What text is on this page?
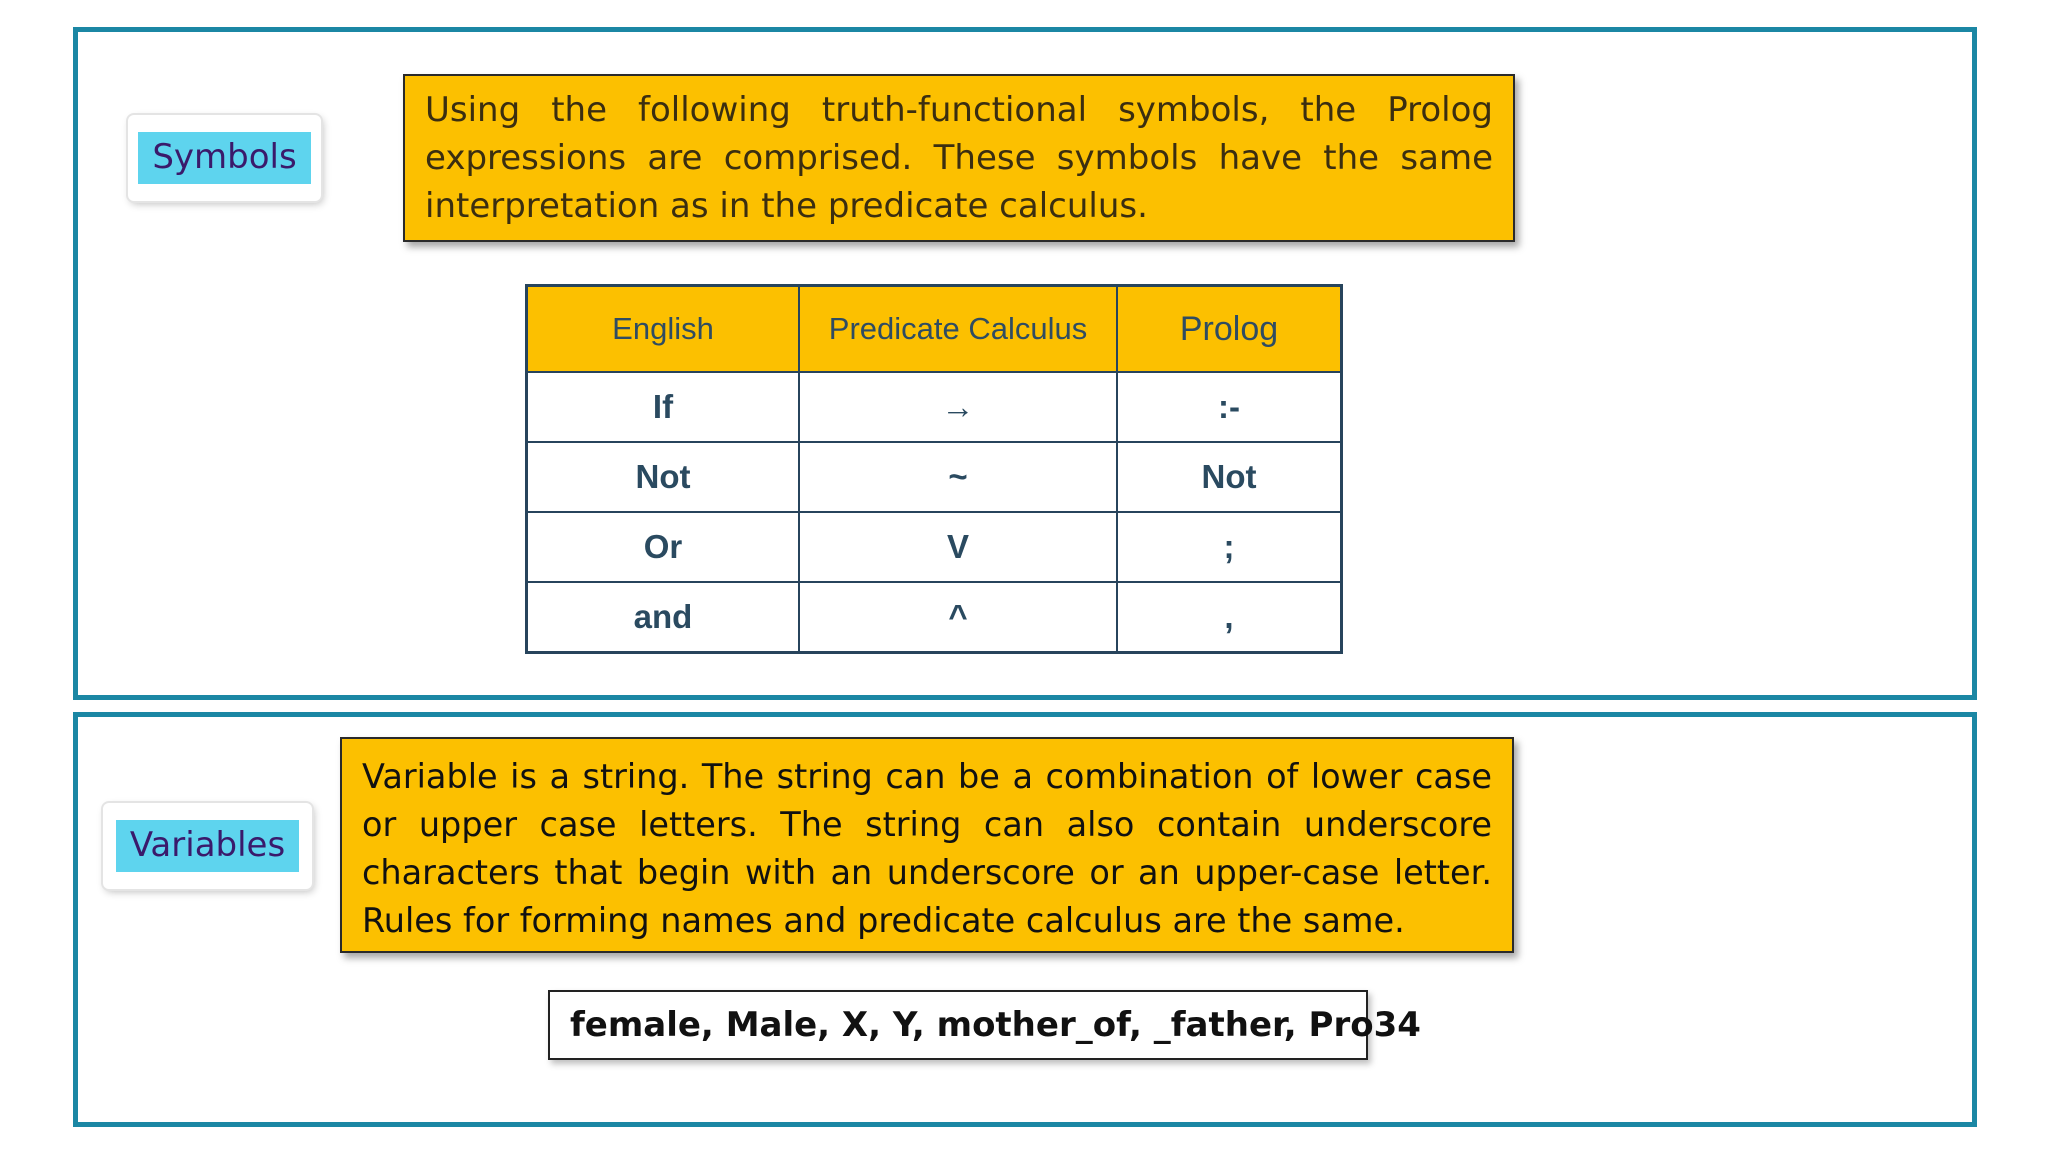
Symbols
Using the following truth-functional symbols, the Prolog expressions are comprised. These symbols have the same interpretation as in the predicate calculus.
English	Predicate Calculus	Prolog
If	→	:-
Not	~	Not
Or	V	;
and	^	,
Variables
Variable is a string. The string can be a combination of lower case or upper case letters. The string can also contain underscore characters that begin with an underscore or an upper-case letter. Rules for forming names and predicate calculus are the same.
female, Male, X, Y, mother_of, _father, Pro34
